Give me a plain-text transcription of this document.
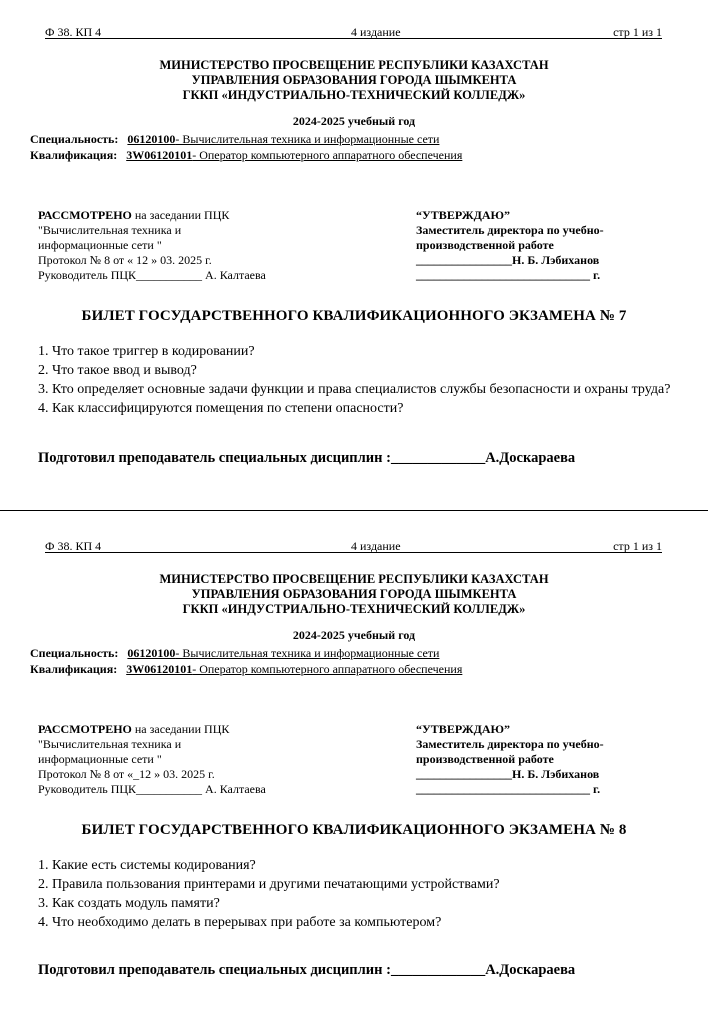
Ф 38. КП 4	4 издание	стр 1 из 1
МИНИСТЕРСТВО ПРОСВЕЩЕНИЕ РЕСПУБЛИКИ КАЗАХСТАН
УПРАВЛЕНИЯ ОБРАЗОВАНИЯ ГОРОДА ШЫМКЕНТА
ГККП «ИНДУСТРИАЛЬНО-ТЕХНИЧЕСКИЙ КОЛЛЕДЖ»
2024-2025 учебный год
Специальность: 06120100- Вычислительная техника и информационные сети
Квалификация: 3W06120101- Оператор компьютерного аппаратного обеспечения
РАССМОТРЕНО на заседании ПЦК
"Вычислительная техника и
информационные сети "
Протокол № 8 от « 12 » 03. 2025 г.
Руководитель ПЦК___________ А. Калтаева
“УТВЕРЖДАЮ”
Заместитель директора по учебно-
производственной работе
________________Н. Б. Лэбиханов
_____________________________ г.
БИЛЕТ ГОСУДАРСТВЕННОГО КВАЛИФИКАЦИОННОГО ЭКЗАМЕНА № 7
1. Что такое триггер в кодировании?
2. Что такое ввод и вывод?
3. Кто определяет основные задачи функции и права специалистов службы безопасности и охраны труда?
4. Как классифицируются помещения по степени опасности?
Подготовил преподаватель специальных дисциплин :_____________А.Доскараева
Ф 38. КП 4	4 издание	стр 1 из 1
МИНИСТЕРСТВО ПРОСВЕЩЕНИЕ РЕСПУБЛИКИ КАЗАХСТАН
УПРАВЛЕНИЯ ОБРАЗОВАНИЯ ГОРОДА ШЫМКЕНТА
ГККП «ИНДУСТРИАЛЬНО-ТЕХНИЧЕСКИЙ КОЛЛЕДЖ»
2024-2025 учебный год
Специальность: 06120100- Вычислительная техника и информационные сети
Квалификация: 3W06120101- Оператор компьютерного аппаратного обеспечения
РАССМОТРЕНО на заседании ПЦК
"Вычислительная техника и
информационные сети "
Протокол № 8 от «_12 » 03. 2025 г.
Руководитель ПЦК___________ А. Калтаева
“УТВЕРЖДАЮ”
Заместитель директора по учебно-
производственной работе
________________Н. Б. Лэбиханов
_____________________________ г.
БИЛЕТ ГОСУДАРСТВЕННОГО КВАЛИФИКАЦИОННОГО ЭКЗАМЕНА № 8
1. Какие есть системы кодирования?
2. Правила пользования принтерами и другими печатающими устройствами?
3. Как создать модуль памяти?
4. Что необходимо делать в перерывах при работе за компьютером?
Подготовил преподаватель специальных дисциплин :_____________А.Доскараева
